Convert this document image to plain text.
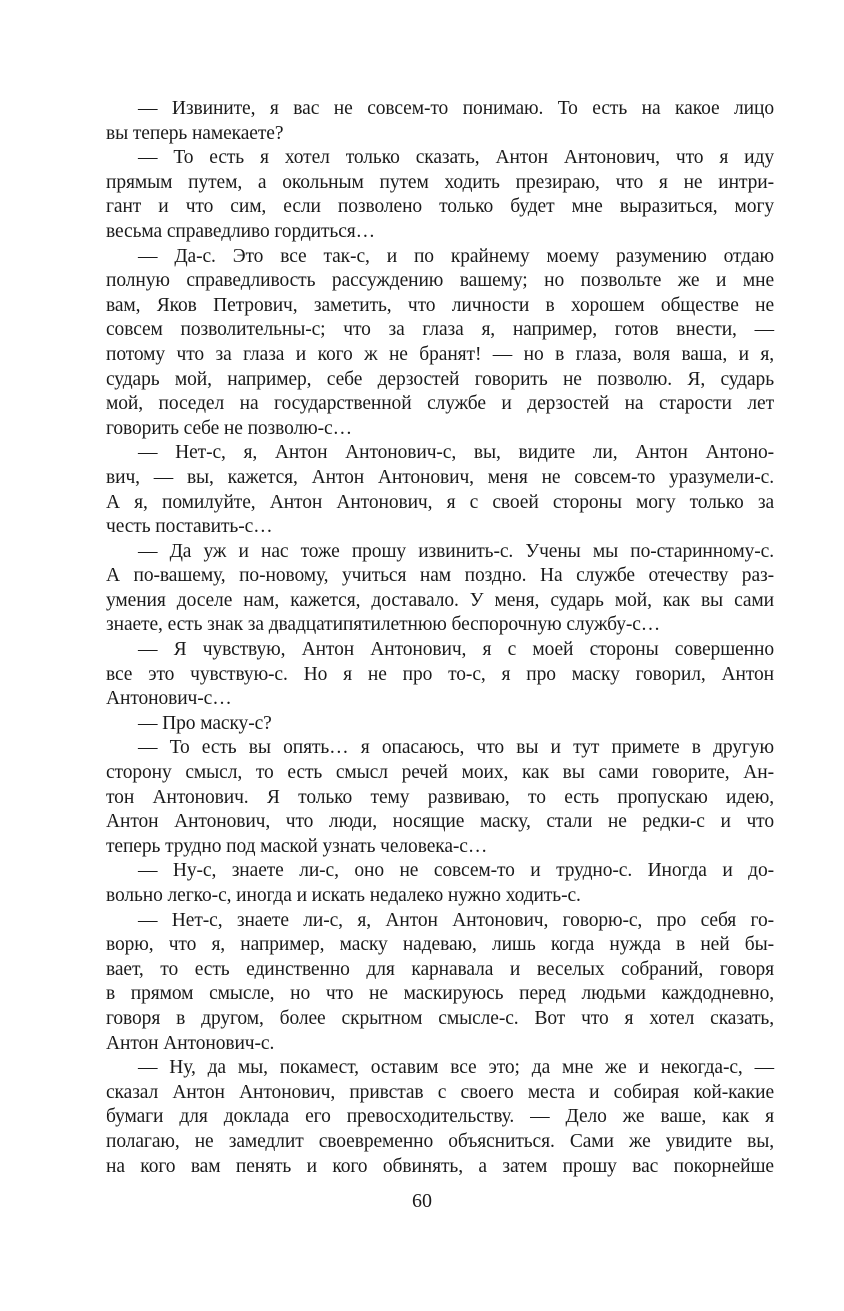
— Извините, я вас не совсем-то понимаю. То есть на какое лицо
вы теперь намекаете?
— То есть я хотел только сказать, Антон Антонович, что я иду
прямым путем, а окольным путем ходить презираю, что я не интри-
гант и что сим, если позволено только будет мне выразиться, могу
весьма справедливо гордиться…
— Да-с. Это все так-с, и по крайнему моему разумению отдаю
полную справедливость рассуждению вашему; но позвольте же и мне
вам, Яков Петрович, заметить, что личности в хорошем обществе не
совсем позволительны-с; что за глаза я, например, готов внести, —
потому что за глаза и кого ж не бранят! — но в глаза, воля ваша, и я,
сударь мой, например, себе дерзостей говорить не позволю. Я, сударь
мой, поседел на государственной службе и дерзостей на старости лет
говорить себе не позволю-с…
— Нет-с, я, Антон Антонович-с, вы, видите ли, Антон Антоно-
вич, — вы, кажется, Антон Антонович, меня не совсем-то уразумели-с.
А я, помилуйте, Антон Антонович, я с своей стороны могу только за
честь поставить-с…
— Да уж и нас тоже прошу извинить-с. Учены мы по-старинному-с.
А по-вашему, по-новому, учиться нам поздно. На службе отечеству раз-
умения доселе нам, кажется, доставало. У меня, сударь мой, как вы сами
знаете, есть знак за двадцатипятилетнюю беспорочную службу-с…
— Я чувствую, Антон Антонович, я с моей стороны совершенно
все это чувствую-с. Но я не про то-с, я про маску говорил, Антон
Антонович-с…
— Про маску-с?
— То есть вы опять… я опасаюсь, что вы и тут примете в другую
сторону смысл, то есть смысл речей моих, как вы сами говорите, Ан-
тон Антонович. Я только тему развиваю, то есть пропускаю идею,
Антон Антонович, что люди, носящие маску, стали не редки-с и что
теперь трудно под маской узнать человека-с…
— Ну-с, знаете ли-с, оно не совсем-то и трудно-с. Иногда и до-
вольно легко-с, иногда и искать недалеко нужно ходить-с.
— Нет-с, знаете ли-с, я, Антон Антонович, говорю-с, про себя го-
ворю, что я, например, маску надеваю, лишь когда нужда в ней бы-
вает, то есть единственно для карнавала и веселых собраний, говоря
в прямом смысле, но что не маскируюсь перед людьми каждодневно,
говоря в другом, более скрытном смысле-с. Вот что я хотел сказать,
Антон Антонович-с.
— Ну, да мы, покамест, оставим все это; да мне же и некогда-с, —
сказал Антон Антонович, привстав с своего места и собирая кой-какие
бумаги для доклада его превосходительству. — Дело же ваше, как я
полагаю, не замедлит своевременно объясниться. Сами же увидите вы,
на кого вам пенять и кого обвинять, а затем прошу вас покорнейше
60
